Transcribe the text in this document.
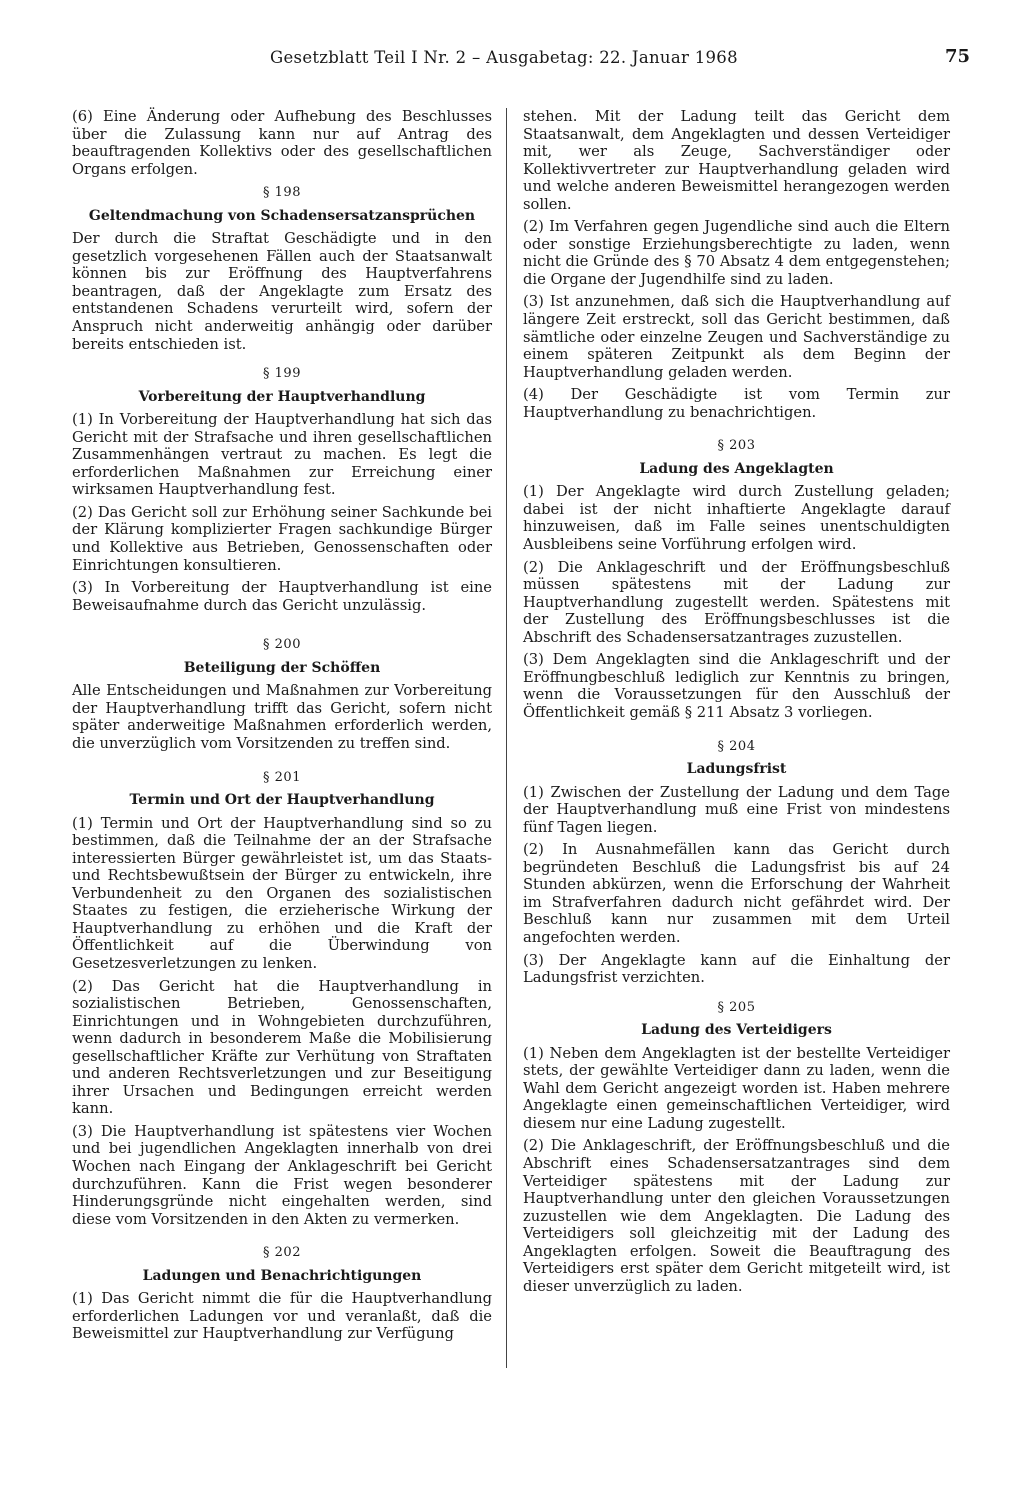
Gesetzblatt Teil I Nr. 2 – Ausgabetag: 22. Januar 1968	75

(6) Eine Änderung oder Aufhebung des Beschlusses über die Zulassung kann nur auf Antrag des beauftragenden Kollektivs oder des gesellschaftlichen Organs erfolgen.

§ 198
Geltendmachung von Schadensersatzansprüchen

Der durch die Straftat Geschädigte und in den gesetzlich vorgesehenen Fällen auch der Staatsanwalt können bis zur Eröffnung des Hauptverfahrens beantragen, daß der Angeklagte zum Ersatz des entstandenen Schadens verurteilt wird, sofern der Anspruch nicht anderweitig anhängig oder darüber bereits entschieden ist.

§ 199
Vorbereitung der Hauptverhandlung

(1) In Vorbereitung der Hauptverhandlung hat sich das Gericht mit der Strafsache und ihren gesellschaftlichen Zusammenhängen vertraut zu machen. Es legt die erforderlichen Maßnahmen zur Erreichung einer wirksamen Hauptverhandlung fest.

(2) Das Gericht soll zur Erhöhung seiner Sachkunde bei der Klärung komplizierter Fragen sachkundige Bürger und Kollektive aus Betrieben, Genossenschaften oder Einrichtungen konsultieren.

(3) In Vorbereitung der Hauptverhandlung ist eine Beweisaufnahme durch das Gericht unzulässig.

§ 200
Beteiligung der Schöffen

Alle Entscheidungen und Maßnahmen zur Vorbereitung der Hauptverhandlung trifft das Gericht, sofern nicht später anderweitige Maßnahmen erforderlich werden, die unverzüglich vom Vorsitzenden zu treffen sind.

§ 201
Termin und Ort der Hauptverhandlung

(1) Termin und Ort der Hauptverhandlung sind so zu bestimmen, daß die Teilnahme der an der Strafsache interessierten Bürger gewährleistet ist, um das Staats- und Rechtsbewußtsein der Bürger zu entwickeln, ihre Verbundenheit zu den Organen des sozialistischen Staates zu festigen, die erzieherische Wirkung der Hauptverhandlung zu erhöhen und die Kraft der Öffentlichkeit auf die Überwindung von Gesetzesverletzungen zu lenken.

(2) Das Gericht hat die Hauptverhandlung in sozialistischen Betrieben, Genossenschaften, Einrichtungen und in Wohngebieten durchzuführen, wenn dadurch in besonderem Maße die Mobilisierung gesellschaftlicher Kräfte zur Verhütung von Straftaten und anderen Rechtsverletzungen und zur Beseitigung ihrer Ursachen und Bedingungen erreicht werden kann.

(3) Die Hauptverhandlung ist spätestens vier Wochen und bei jugendlichen Angeklagten innerhalb von drei Wochen nach Eingang der Anklageschrift bei Gericht durchzuführen. Kann die Frist wegen besonderer Hinderungsgründe nicht eingehalten werden, sind diese vom Vorsitzenden in den Akten zu vermerken.

§ 202
Ladungen und Benachrichtigungen

(1) Das Gericht nimmt die für die Hauptverhandlung erforderlichen Ladungen vor und veranlaßt, daß die Beweismittel zur Hauptverhandlung zur Verfügung

stehen. Mit der Ladung teilt das Gericht dem Staatsanwalt, dem Angeklagten und dessen Verteidiger mit, wer als Zeuge, Sachverständiger oder Kollektivvertreter zur Hauptverhandlung geladen wird und welche anderen Beweismittel herangezogen werden sollen.

(2) Im Verfahren gegen Jugendliche sind auch die Eltern oder sonstige Erziehungsberechtigte zu laden, wenn nicht die Gründe des § 70 Absatz 4 dem entgegenstehen; die Organe der Jugendhilfe sind zu laden.

(3) Ist anzunehmen, daß sich die Hauptverhandlung auf längere Zeit erstreckt, soll das Gericht bestimmen, daß sämtliche oder einzelne Zeugen und Sachverständige zu einem späteren Zeitpunkt als dem Beginn der Hauptverhandlung geladen werden.

(4) Der Geschädigte ist vom Termin zur Hauptverhandlung zu benachrichtigen.

§ 203
Ladung des Angeklagten

(1) Der Angeklagte wird durch Zustellung geladen; dabei ist der nicht inhaftierte Angeklagte darauf hinzuweisen, daß im Falle seines unentschuldigten Ausbleibens seine Vorführung erfolgen wird.

(2) Die Anklageschrift und der Eröffnungsbeschluß müssen spätestens mit der Ladung zur Hauptverhandlung zugestellt werden. Spätestens mit der Zustellung des Eröffnungsbeschlusses ist die Abschrift des Schadensersatzantrages zuzustellen.

(3) Dem Angeklagten sind die Anklageschrift und der Eröffnungbeschluß lediglich zur Kenntnis zu bringen, wenn die Voraussetzungen für den Ausschluß der Öffentlichkeit gemäß § 211 Absatz 3 vorliegen.

§ 204
Ladungsfrist

(1) Zwischen der Zustellung der Ladung und dem Tage der Hauptverhandlung muß eine Frist von mindestens fünf Tagen liegen.

(2) In Ausnahmefällen kann das Gericht durch begründeten Beschluß die Ladungsfrist bis auf 24 Stunden abkürzen, wenn die Erforschung der Wahrheit im Strafverfahren dadurch nicht gefährdet wird. Der Beschluß kann nur zusammen mit dem Urteil angefochten werden.

(3) Der Angeklagte kann auf die Einhaltung der Ladungsfrist verzichten.

§ 205
Ladung des Verteidigers

(1) Neben dem Angeklagten ist der bestellte Verteidiger stets, der gewählte Verteidiger dann zu laden, wenn die Wahl dem Gericht angezeigt worden ist. Haben mehrere Angeklagte einen gemeinschaftlichen Verteidiger, wird diesem nur eine Ladung zugestellt.

(2) Die Anklageschrift, der Eröffnungsbeschluß und die Abschrift eines Schadensersatzantrages sind dem Verteidiger spätestens mit der Ladung zur Hauptverhandlung unter den gleichen Voraussetzungen zuzustellen wie dem Angeklagten. Die Ladung des Verteidigers soll gleichzeitig mit der Ladung des Angeklagten erfolgen. Soweit die Beauftragung des Verteidigers erst später dem Gericht mitgeteilt wird, ist dieser unverzüglich zu laden.
